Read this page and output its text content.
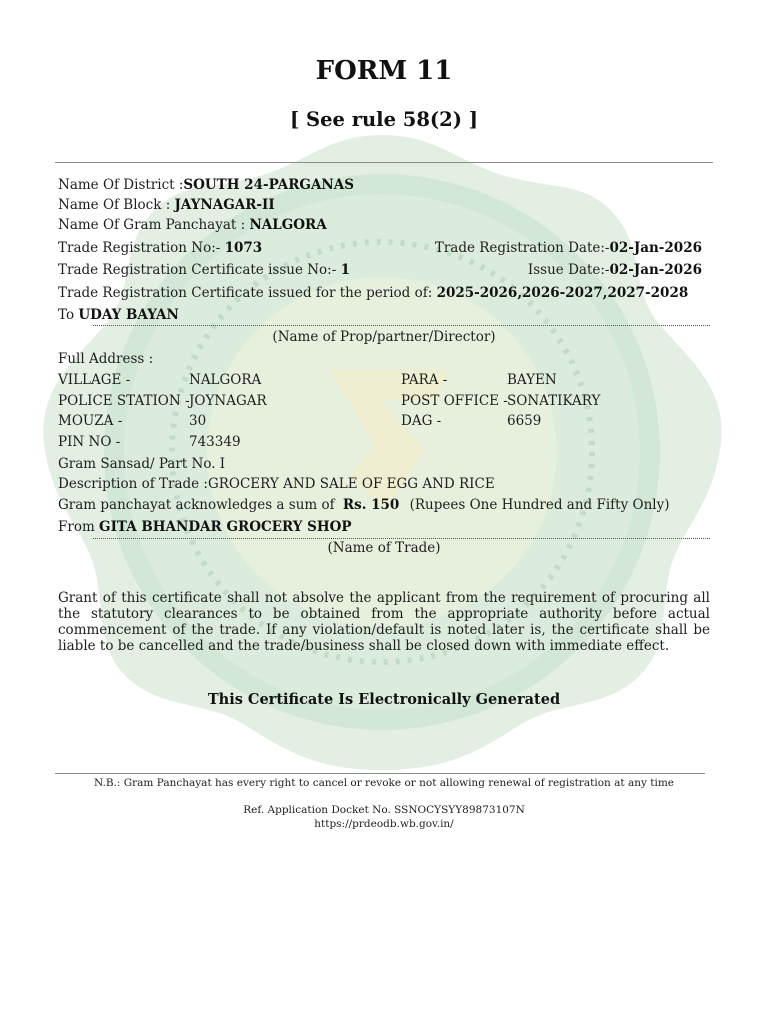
FORM 11
[ See rule 58(2) ]
Name Of District :SOUTH 24-PARGANAS
Name Of Block : JAYNAGAR-II
Name Of Gram Panchayat : NALGORA
Trade Registration No:- 1073	Trade Registration Date:-02-Jan-2026
Trade Registration Certificate issue No:- 1	Issue Date:-02-Jan-2026
Trade Registration Certificate issued for the period of: 2025-2026,2026-2027,2027-2028
To UDAY BAYAN
(Name of Prop/partner/Director)
Full Address :
VILLAGE -	NALGORA	PARA -	BAYEN
POLICE STATION - JOYNAGAR	POST OFFICE - SONATIKARY
MOUZA -	30	DAG -	6659
PIN NO -	743349
Gram Sansad/ Part No. I
Description of Trade :GROCERY AND SALE OF EGG AND RICE
Gram panchayat acknowledges a sum of Rs. 150 (Rupees One Hundred and Fifty Only)
From GITA BHANDAR GROCERY SHOP
(Name of Trade)
Grant of this certificate shall not absolve the applicant from the requirement of procuring all the statutory clearances to be obtained from the appropriate authority before actual commencement of the trade. If any violation/default is noted later is, the certificate shall be liable to be cancelled and the trade/business shall be closed down with immediate effect.
This Certificate Is Electronically Generated
N.B.: Gram Panchayat has every right to cancel or revoke or not allowing renewal of registration at any time
Ref. Application Docket No. SSNOCYSYY89873107N
https://prdeodb.wb.gov.in/
